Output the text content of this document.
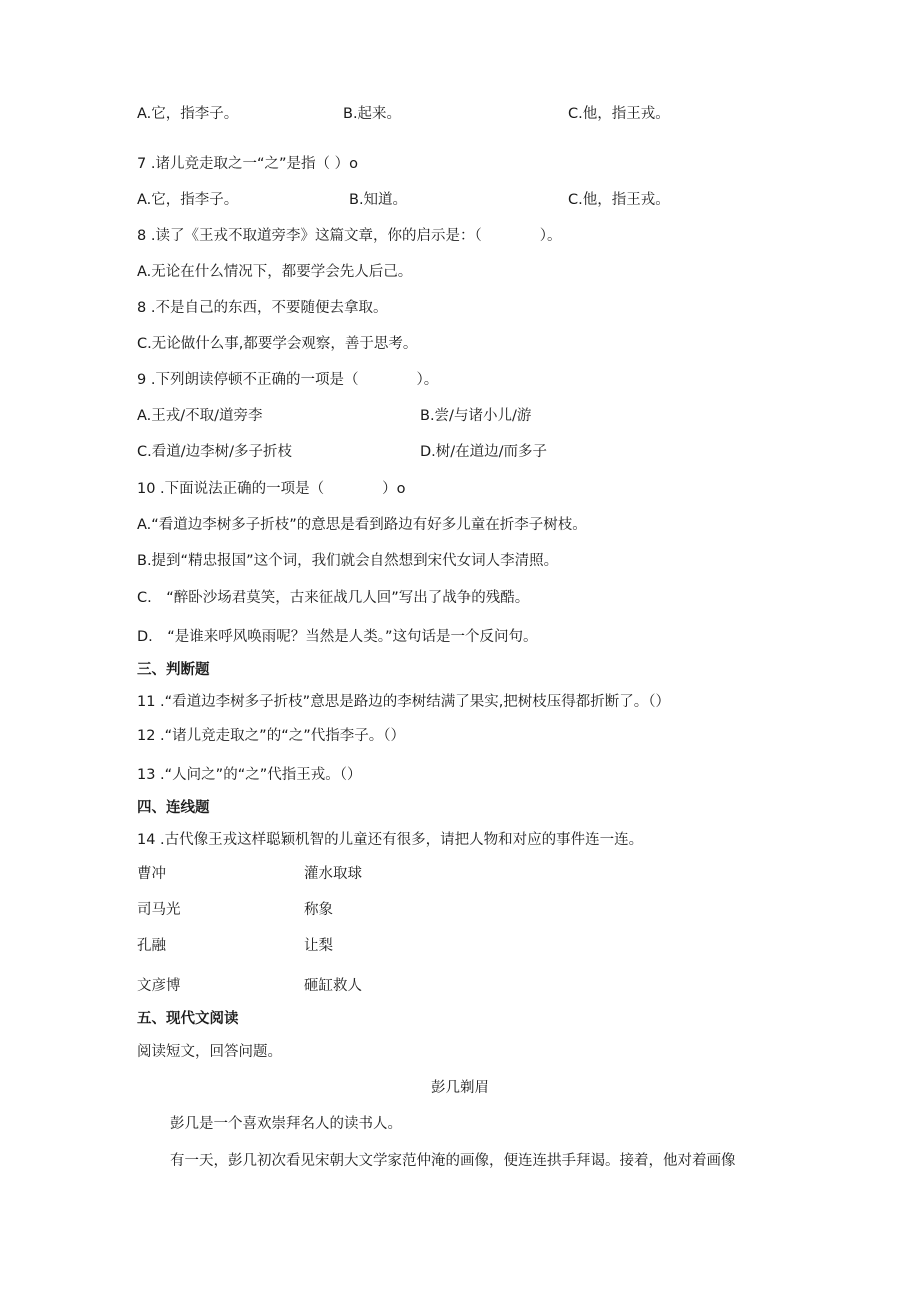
A.它，指李子。	B.起来。	C.他，指王戎。
7 .诸儿竞走取之一“之”是指（ ）o
A.它，指李子。	B.知道。	C.他，指王戎。
8 .读了《王戎不取道旁李》这篇文章，你的启示是：（　　　　）。
A.无论在什么情况下，都要学会先人后己。
8 .不是自己的东西，不要随便去拿取。
C.无论做什么事,都要学会观察，善于思考。
9 .下列朗读停顿不正确的一项是（　　　　）。
A.王戎/不取/道旁李	B.尝/与诸小儿/游
C.看道/边李树/多子折枝	D.树/在道边/而多子
10 .下面说法正确的一项是（　　　　）o
A.“看道边李树多子折枝”的意思是看到路边有好多儿童在折李子树枝。
B.提到“精忠报国”这个词，我们就会自然想到宋代女词人李清照。
C.　“醉卧沙场君莫笑，古来征战几人回”写出了战争的残酷。
D.　“是谁来呼风唤雨呢？当然是人类。”这句话是一个反问句。
三、判断题
11 .“看道边李树多子折枝”意思是路边的李树结满了果实,把树枝压得都折断了。（）
12 .“诸儿竞走取之”的“之”代指李子。（）
13 .“人问之”的“之”代指王戎。（）
四、连线题
14 .古代像王戎这样聪颖机智的儿童还有很多，请把人物和对应的事件连一连。
曹冲	灌水取球
司马光	称象
孔融	让梨
文彦博	砸缸救人
五、现代文阅读
阅读短文，回答问题。
彭几剃眉
彭几是一个喜欢崇拜名人的读书人。
有一天，彭几初次看见宋朝大文学家范仲淹的画像，便连连拱手拜谒。接着，他对着画像
